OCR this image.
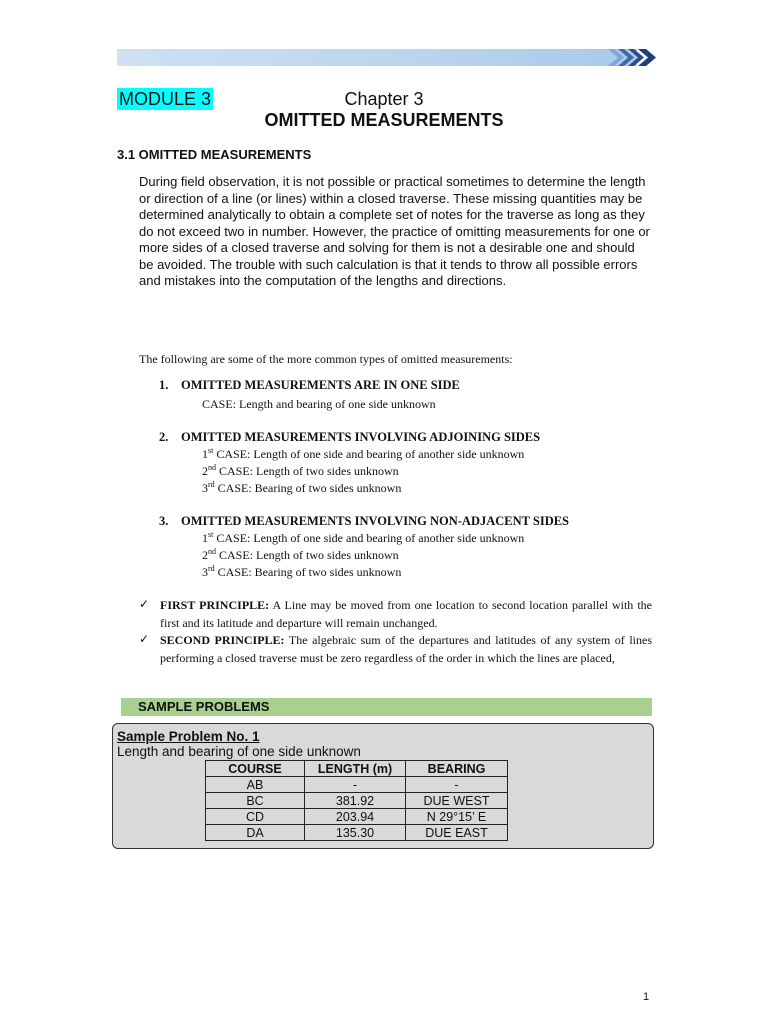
MODULE 3	Chapter 3
OMITTED MEASUREMENTS
3.1 OMITTED MEASUREMENTS
During field observation, it is not possible or practical sometimes to determine the length or direction of a line (or lines) within a closed traverse. These missing quantities may be determined analytically to obtain a complete set of notes for the traverse as long as they do not exceed two in number. However, the practice of omitting measurements for one or more sides of a closed traverse and solving for them is not a desirable one and should be avoided. The trouble with such calculation is that it tends to throw all possible errors and mistakes into the computation of the lengths and directions.
The following are some of the more common types of omitted measurements:
1. OMITTED MEASUREMENTS ARE IN ONE SIDE
CASE: Length and bearing of one side unknown
2. OMITTED MEASUREMENTS INVOLVING ADJOINING SIDES
1st CASE: Length of one side and bearing of another side unknown
2nd CASE: Length of two sides unknown
3rd CASE: Bearing of two sides unknown
3. OMITTED MEASUREMENTS INVOLVING NON-ADJACENT SIDES
1st CASE: Length of one side and bearing of another side unknown
2nd CASE: Length of two sides unknown
3rd CASE: Bearing of two sides unknown
✓ FIRST PRINCIPLE: A Line may be moved from one location to second location parallel with the first and its latitude and departure will remain unchanged.
✓ SECOND PRINCIPLE: The algebraic sum of the departures and latitudes of any system of lines performing a closed traverse must be zero regardless of the order in which the lines are placed,
SAMPLE PROBLEMS
Sample Problem No. 1
Length and bearing of one side unknown
COURSE	LENGTH (m)	BEARING
AB	-	-
BC	381.92	DUE WEST
CD	203.94	N 29°15’ E
DA	135.30	DUE EAST
1
